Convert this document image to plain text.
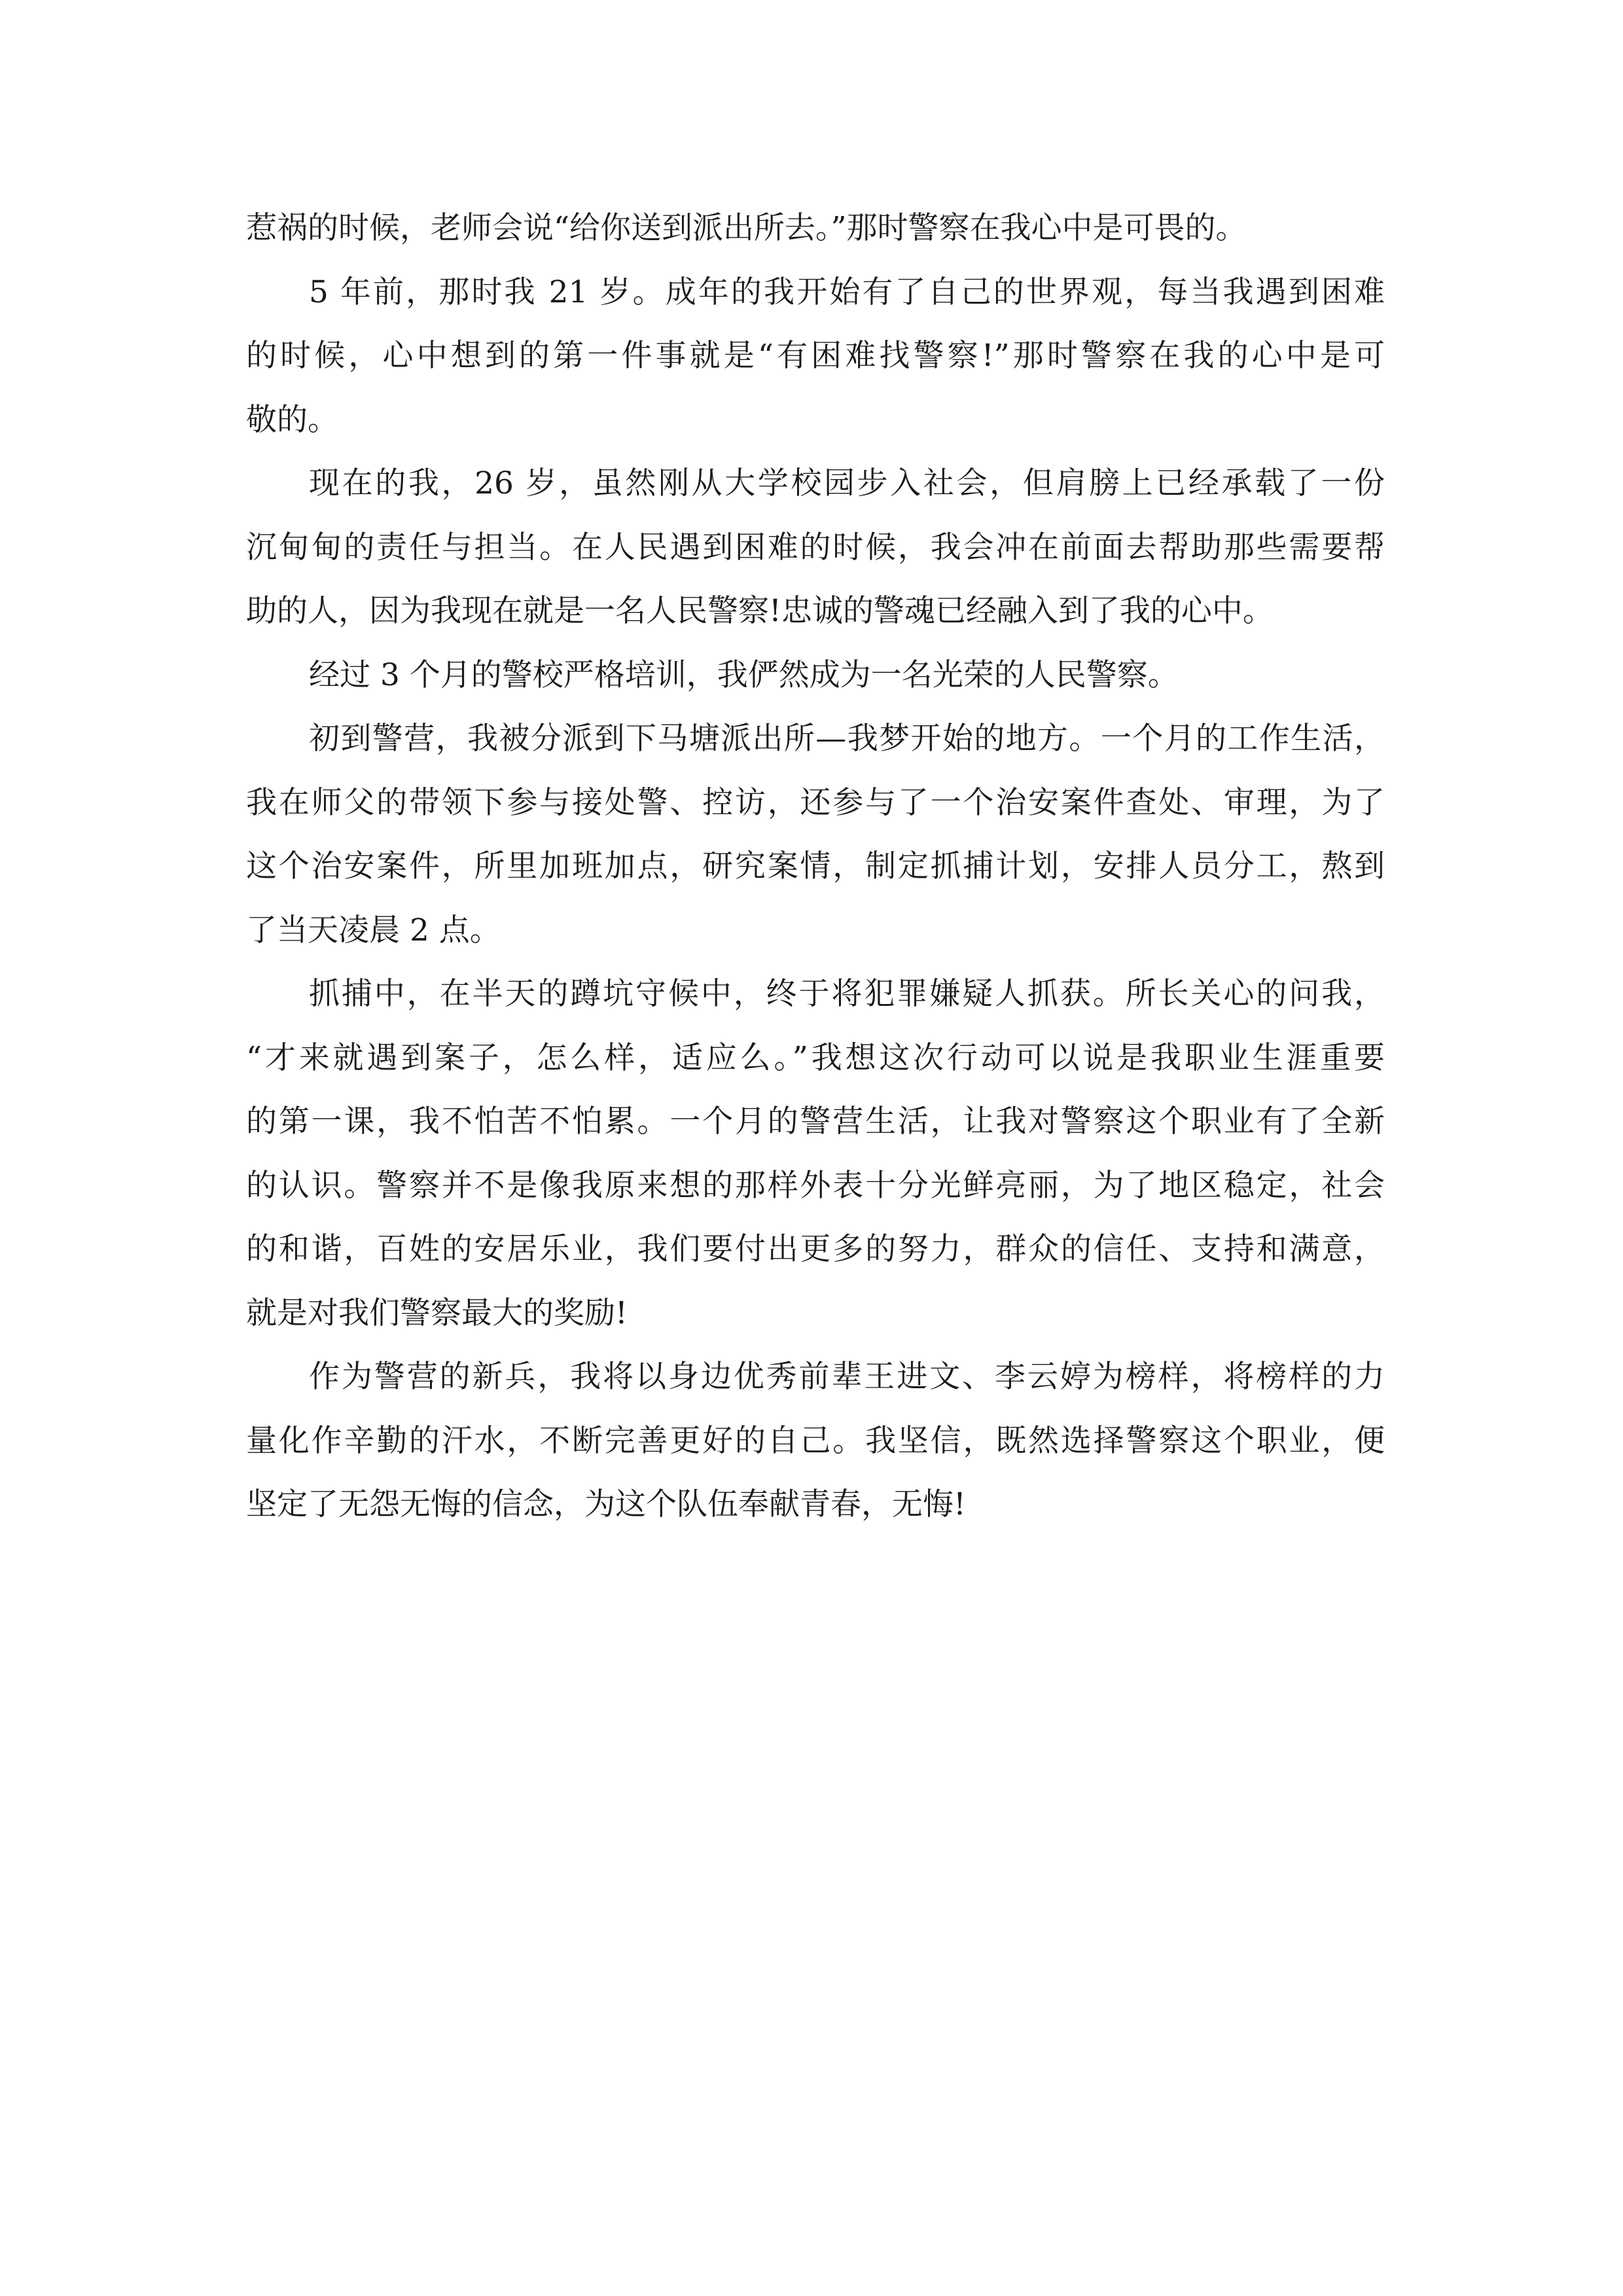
惹祸的时候，老师会说“给你送到派出所去。”那时警察在我心中是可畏的。
5 年前，那时我 21 岁。成年的我开始有了自己的世界观，每当我遇到困难
的时候，心中想到的第一件事就是“有困难找警察!”那时警察在我的心中是可
敬的。
现在的我，26 岁，虽然刚从大学校园步入社会，但肩膀上已经承载了一份
沉甸甸的责任与担当。在人民遇到困难的时候，我会冲在前面去帮助那些需要帮
助的人，因为我现在就是一名人民警察!忠诚的警魂已经融入到了我的心中。
经过 3 个月的警校严格培训，我俨然成为一名光荣的人民警察。
初到警营，我被分派到下马塘派出所—我梦开始的地方。一个月的工作生活，
我在师父的带领下参与接处警、控访，还参与了一个治安案件查处、审理，为了
这个治安案件，所里加班加点，研究案情，制定抓捕计划，安排人员分工，熬到
了当天凌晨 2 点。
抓捕中，在半天的蹲坑守候中，终于将犯罪嫌疑人抓获。所长关心的问我，
“才来就遇到案子，怎么样，适应么。”我想这次行动可以说是我职业生涯重要
的第一课，我不怕苦不怕累。一个月的警营生活，让我对警察这个职业有了全新
的认识。警察并不是像我原来想的那样外表十分光鲜亮丽，为了地区稳定，社会
的和谐，百姓的安居乐业，我们要付出更多的努力，群众的信任、支持和满意，
就是对我们警察最大的奖励!
作为警营的新兵，我将以身边优秀前辈王进文、李云婷为榜样，将榜样的力
量化作辛勤的汗水，不断完善更好的自己。我坚信，既然选择警察这个职业，便
坚定了无怨无悔的信念，为这个队伍奉献青春，无悔!
